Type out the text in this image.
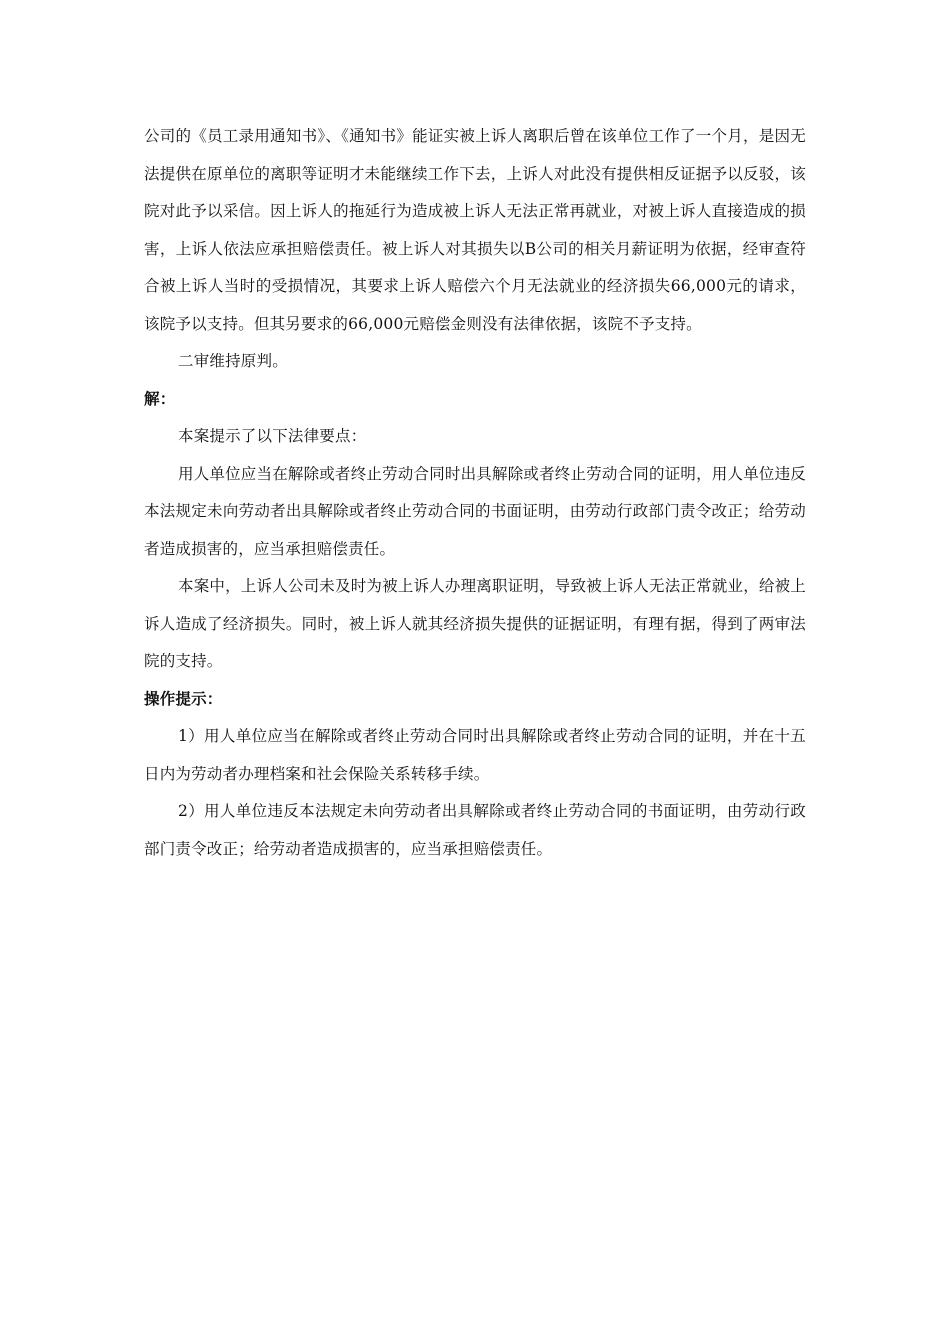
公司的《员工录用通知书》、《通知书》能证实被上诉人离职后曾在该单位工作了一个月，是因无法提供在原单位的离职等证明才未能继续工作下去，上诉人对此没有提供相反证据予以反驳，该院对此予以采信。因上诉人的拖延行为造成被上诉人无法正常再就业，对被上诉人直接造成的损害，上诉人依法应承担赔偿责任。被上诉人对其损失以B公司的相关月薪证明为依据，经审查符合被上诉人当时的受损情况，其要求上诉人赔偿六个月无法就业的经济损失66,000元的请求，该院予以支持。但其另要求的66,000元赔偿金则没有法律依据，该院不予支持。

二审维持原判。

解：

本案提示了以下法律要点：

用人单位应当在解除或者终止劳动合同时出具解除或者终止劳动合同的证明，用人单位违反本法规定未向劳动者出具解除或者终止劳动合同的书面证明，由劳动行政部门责令改正；给劳动者造成损害的，应当承担赔偿责任。

本案中，上诉人公司未及时为被上诉人办理离职证明，导致被上诉人无法正常就业，给被上诉人造成了经济损失。同时，被上诉人就其经济损失提供的证据证明，有理有据，得到了两审法院的支持。

操作提示：

1）用人单位应当在解除或者终止劳动合同时出具解除或者终止劳动合同的证明，并在十五日内为劳动者办理档案和社会保险关系转移手续。

2）用人单位违反本法规定未向劳动者出具解除或者终止劳动合同的书面证明，由劳动行政部门责令改正；给劳动者造成损害的，应当承担赔偿责任。
